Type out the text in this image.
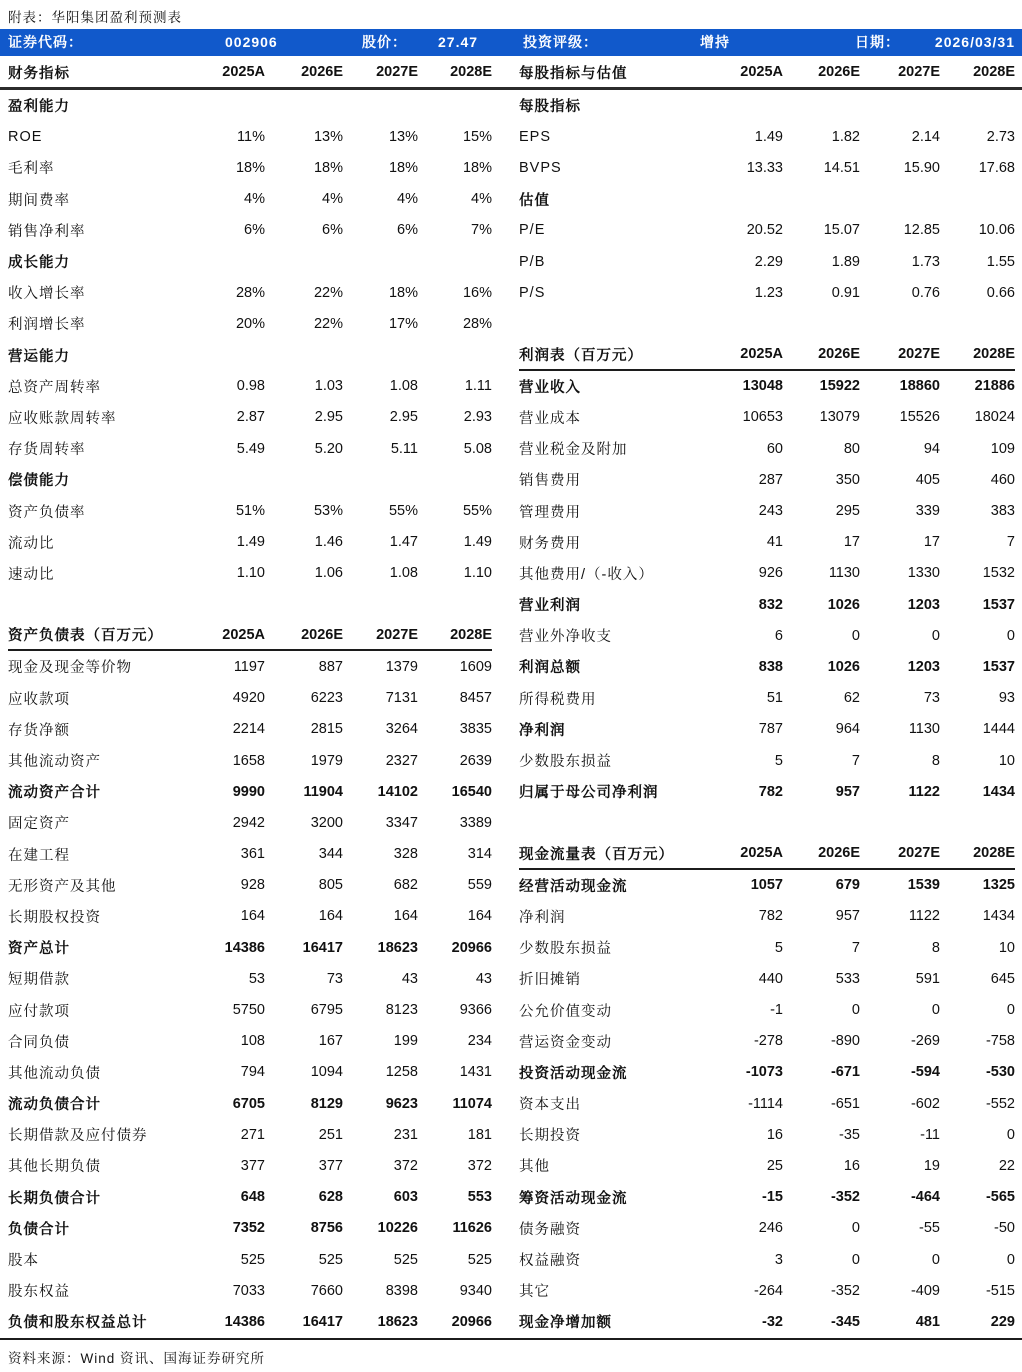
附表：华阳集团盈利预测表
证券代码：	002906	股价： 27.47	投资评级：	增持	日期： 2026/03/31
财务指标	2025A	2026E	2027E	2028E 每股指标与估值	2025A	2026E	2027E	2028E
盈利能力
ROE	11%	13%	13%	15%
毛利率	18%	18%	18%	18%
期间费率	4%	4%	4%	4%
销售净利率	6%	6%	6%	7%
成长能力
收入增长率	28%	22%	18%	16%
利润增长率	20%	22%	17%	28%
营运能力
总资产周转率	0.98	1.03	1.08	1.11
应收账款周转率	2.87	2.95	2.95	2.93
存货周转率	5.49	5.20	5.11	5.08
偿债能力
资产负债率	51%	53%	55%	55%
流动比	1.49	1.46	1.47	1.49
速动比	1.10	1.06	1.08	1.10
资产负债表（百万元）	2025A	2026E	2027E	2028E
现金及现金等价物	1197	887	1379	1609
应收款项	4920	6223	7131	8457
存货净额	2214	2815	3264	3835
其他流动资产	1658	1979	2327	2639
流动资产合计	9990	11904	14102	16540
固定资产	2942	3200	3347	3389
在建工程	361	344	328	314
无形资产及其他	928	805	682	559
长期股权投资	164	164	164	164
资产总计	14386	16417	18623	20966
短期借款	53	73	43	43
应付款项	5750	6795	8123	9366
合同负债	108	167	199	234
其他流动负债	794	1094	1258	1431
流动负债合计	6705	8129	9623	11074
长期借款及应付债券	271	251	231	181
其他长期负债	377	377	372	372
长期负债合计	648	628	603	553
负债合计	7352	8756	10226	11626
股本	525	525	525	525
股东权益	7033	7660	8398	9340
负债和股东权益总计	14386	16417	18623	20966
每股指标
EPS	1.49	1.82	2.14	2.73
BVPS	13.33	14.51	15.90	17.68
估值
P/E	20.52	15.07	12.85	10.06
P/B	2.29	1.89	1.73	1.55
P/S	1.23	0.91	0.76	0.66
利润表（百万元）	2025A	2026E	2027E	2028E
营业收入	13048	15922	18860	21886
营业成本	10653	13079	15526	18024
营业税金及附加	60	80	94	109
销售费用	287	350	405	460
管理费用	243	295	339	383
财务费用	41	17	17	7
其他费用/（-收入）	926	1130	1330	1532
营业利润	832	1026	1203	1537
营业外净收支	6	0	0	0
利润总额	838	1026	1203	1537
所得税费用	51	62	73	93
净利润	787	964	1130	1444
少数股东损益	5	7	8	10
归属于母公司净利润	782	957	1122	1434
现金流量表（百万元）	2025A	2026E	2027E	2028E
经营活动现金流	1057	679	1539	1325
净利润	782	957	1122	1434
少数股东损益	5	7	8	10
折旧摊销	440	533	591	645
公允价值变动	-1	0	0	0
营运资金变动	-278	-890	-269	-758
投资活动现金流	-1073	-671	-594	-530
资本支出	-1114	-651	-602	-552
长期投资	16	-35	-11	0
其他	25	16	19	22
筹资活动现金流	-15	-352	-464	-565
债务融资	246	0	-55	-50
权益融资	3	0	0	0
其它	-264	-352	-409	-515
现金净增加额	-32	-345	481	229
资料来源：Wind 资讯、国海证券研究所
